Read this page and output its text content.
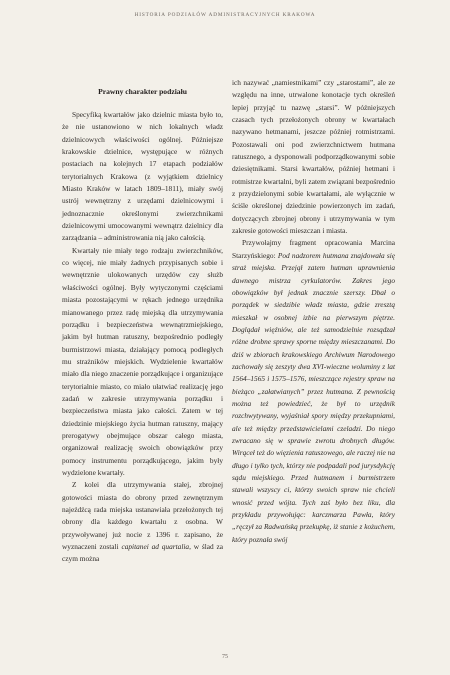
HISTORIA PODZIAŁÓW ADMINISTRACYJNYCH KRAKOWA
Prawny charakter podziału

Specyfiką kwartałów jako dzielnic miasta było to, że nie ustanowiono w nich lokalnych władz dzielnicowych właściwości ogólnej. Późniejsze krakowskie dzielnice, występujące w różnych postaciach na kolejnych 17 etapach podziałów terytorialnych Krakowa (z wyjątkiem dzielnicy Miasto Kraków w latach 1809–1811), miały swój ustrój wewnętrzny z urzędami dzielnicowymi i jednoznacznie określonymi zwierzchnikami dzielnicowymi umocowanymi wewnątrz dzielnicy dla zarządzania – administrowania nią jako całością.

Kwartały nie miały tego rodzaju zwierzchników, co więcej, nie miały żadnych przypisanych sobie i wewnętrznie ulokowanych urzędów czy służb właściwości ogólnej. Były wytyczonymi częściami miasta pozostającymi w rękach jednego urzędnika mianowanego przez radę miejską dla utrzymywania porządku i bezpieczeństwa wewnątrzmiejskiego, jakim był hutman ratuszny, bezpośrednio podległy burmistrzowi miasta, działający pomocą podległych mu strażników miejskich. Wydzielenie kwartałów miało dla niego znaczenie porządkujące i organizujące terytorialnie miasto, co miało ułatwiać realizację jego zadań w zakresie utrzymywania porządku i bezpieczeństwa miasta jako całości. Zatem w tej dziedzinie miejskiego życia hutman ratuszny, mający prerogatywy obejmujące obszar całego miasta, organizował realizację swoich obowiązków przy pomocy instrumentu porządkującego, jakim były wydzielone kwartały.

Z kolei dla utrzymywania stałej, zbrojnej gotowości miasta do obrony przed zewnętrznym najeźdźcą rada miejska ustanawiała przełożonych tej obrony dla każdego kwartału z osobna. W przywoływanej już nocie z 1396 r. zapisano, że wyznaczeni zostali capitanei ad quartalia, w ślad za czym można

ich nazywać „namiestnikami” czy „starostami”, ale ze względu na inne, utrwalone konotacje tych określeń lepiej przyjąć tu nazwę „starsi”. W późniejszych czasach tych przełożonych obrony w kwartałach nazywano hetmanami, jeszcze później rotmistrzami. Pozostawali oni pod zwierzchnictwem hutmana ratusznego, a dysponowali podporządkowanymi sobie dziesiętnikami. Starsi kwartałów, później hetmani i rotmistrze kwartalni, byli zatem związani bezpośrednio z przydzielonymi sobie kwartałami, ale wyłącznie w ściśle określonej dziedzinie powierzonych im zadań, dotyczących zbrojnej obrony i utrzymywania w tym zakresie gotowości mieszczan i miasta.

Przywołajmy fragment opracowania Marcina Starzyńskiego: Pod nadzorem hutmana znajdowała się straż miejska. Przejął zatem hutman uprawnienia dawnego mistrza cyrkulatorów. Zakres jego obowiązków był jednak znacznie szerszy. Dbał o porządek w siedzibie władz miasta, gdzie zresztą mieszkał w osobnej izbie na pierwszym piętrze. Doglądał więźniów, ale też samodzielnie rozsądzał różne drobne sprawy sporne między mieszczanami. Do dziś w zbiorach krakowskiego Archiwum Narodowego zachowały się zeszyty dwa XVI-wieczne woluminy z lat 1564–1565 i 1575–1576, mieszczące rejestry spraw na bieżąco „załatwianych” przez hutmana. Z pewnością można też powiedzieć, że był to urzędnik rozchwytywany, wyjaśniał spory między przekupniami, ale też między przedstawicielami czeladzi. Do niego zwracano się w sprawie zwrotu drobnych długów. Wirąceł też do więzienia ratuszowego, ale raczej nie na długo i tylko tych, którzy nie podpadali pod jurysdykcję sądu miejskiego. Przed hutmanem i burmistrzem stawali wszyscy ci, którzy swoich spraw nie chcieli wnosić przed wójta. Tych zaś było bez liku, dla przykładu przywołując: karczmarza Pawła, który „ręczył za Radwańską przekupkę, iż stanie z kożuchem, który poznała swój

75
